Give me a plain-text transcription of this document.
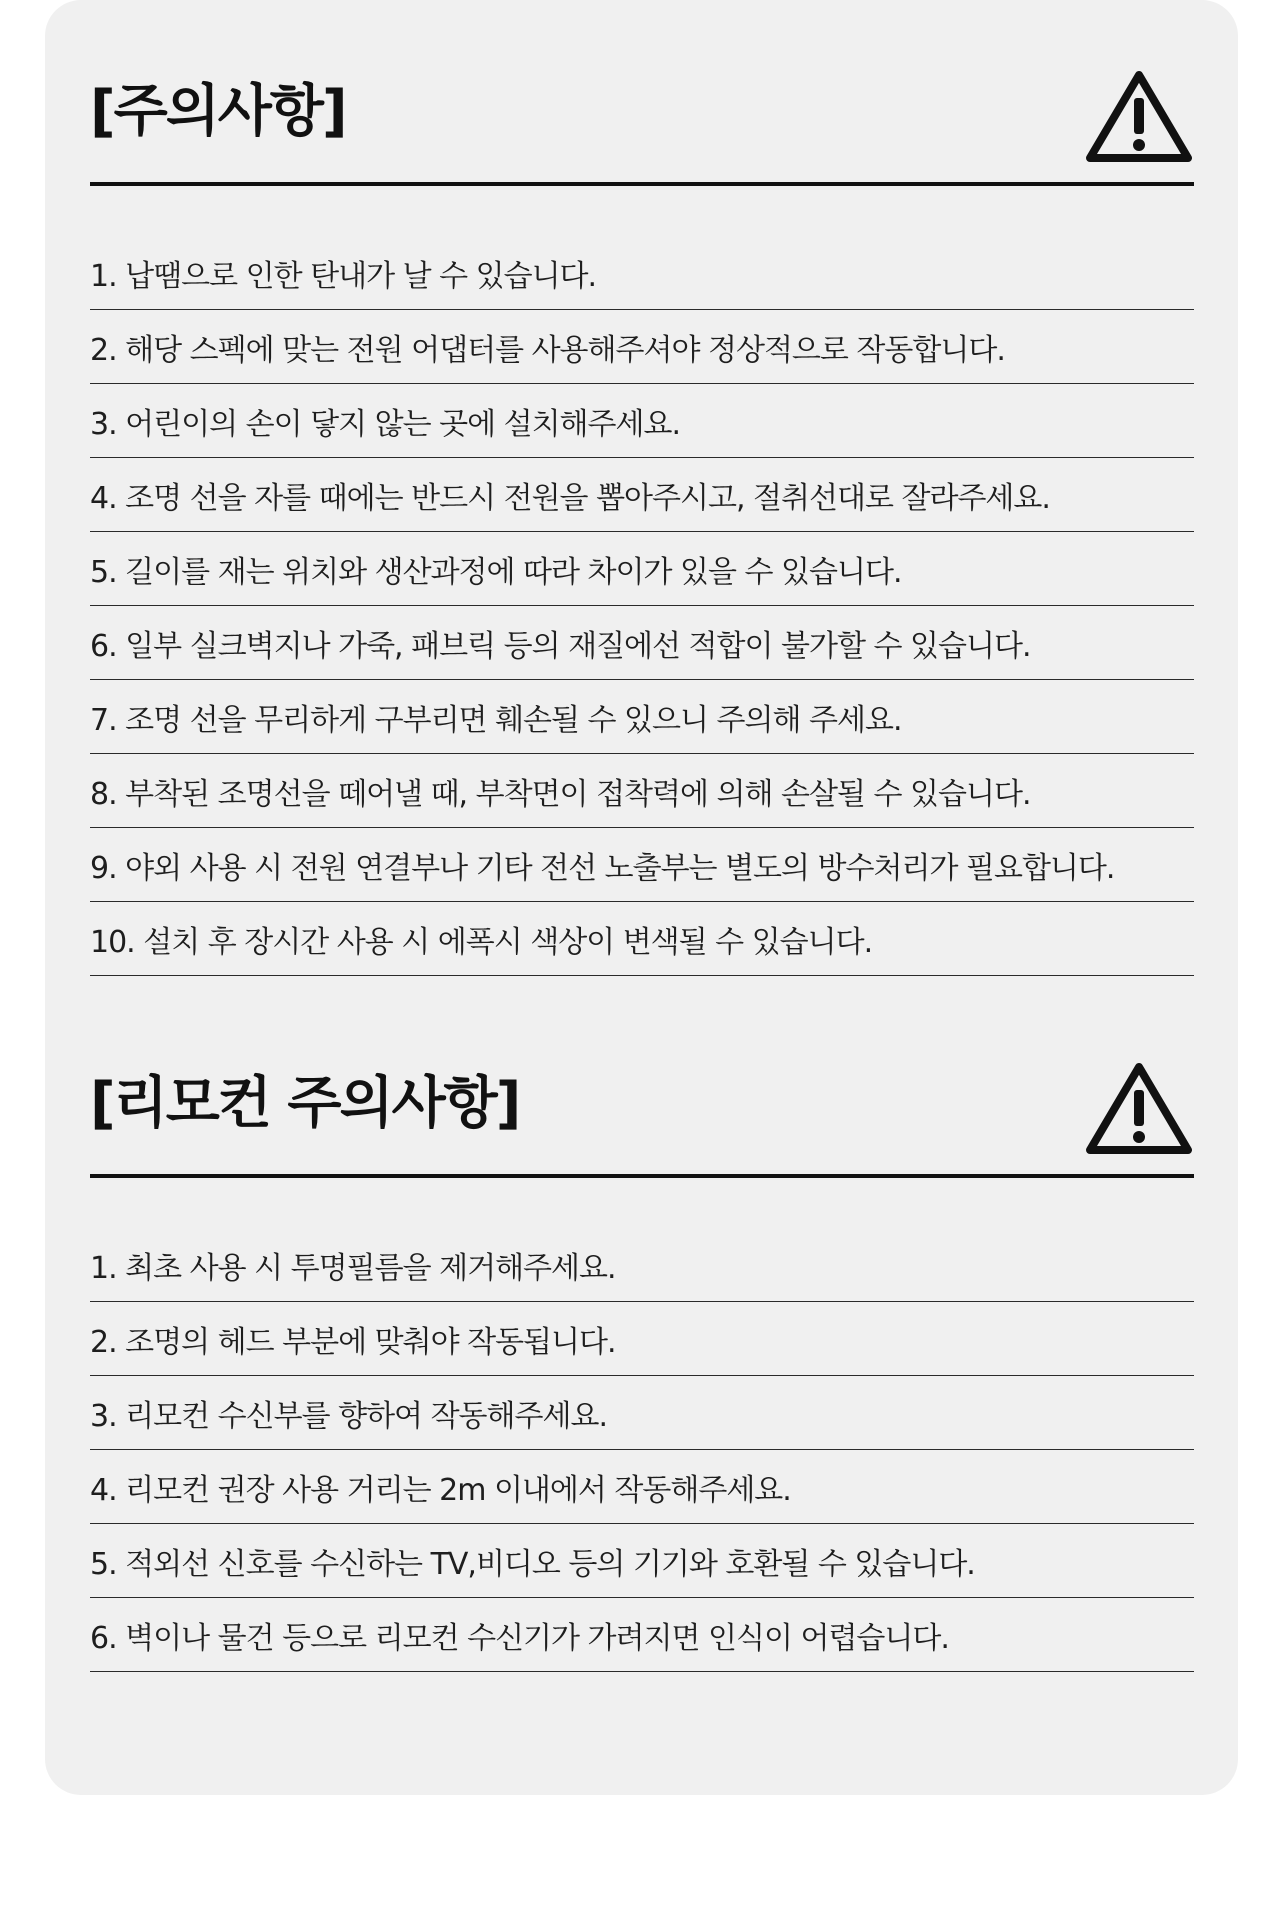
[주의사항]
1. 납땜으로 인한 탄내가 날 수 있습니다.
2. 해당 스펙에 맞는 전원 어댑터를 사용해주셔야 정상적으로 작동합니다.
3. 어린이의 손이 닿지 않는 곳에 설치해주세요.
4. 조명 선을 자를 때에는 반드시 전원을 뽑아주시고, 절취선대로 잘라주세요.
5. 길이를 재는 위치와 생산과정에 따라 차이가 있을 수 있습니다.
6. 일부 실크벽지나 가죽, 패브릭 등의 재질에선 적합이 불가할 수 있습니다.
7. 조명 선을 무리하게 구부리면 훼손될 수 있으니 주의해 주세요.
8. 부착된 조명선을 떼어낼 때, 부착면이 접착력에 의해 손살될 수 있습니다.
9. 야외 사용 시 전원 연결부나 기타 전선 노출부는 별도의 방수처리가 필요합니다.
10. 설치 후 장시간 사용 시 에폭시 색상이 변색될 수 있습니다.
[리모컨 주의사항]
1. 최초 사용 시 투명필름을 제거해주세요.
2. 조명의 헤드 부분에 맞춰야 작동됩니다.
3. 리모컨 수신부를 향하여 작동해주세요.
4. 리모컨 권장 사용 거리는 2m 이내에서 작동해주세요.
5. 적외선 신호를 수신하는 TV,비디오 등의 기기와 호환될 수 있습니다.
6. 벽이나 물건 등으로 리모컨 수신기가 가려지면 인식이 어렵습니다.
